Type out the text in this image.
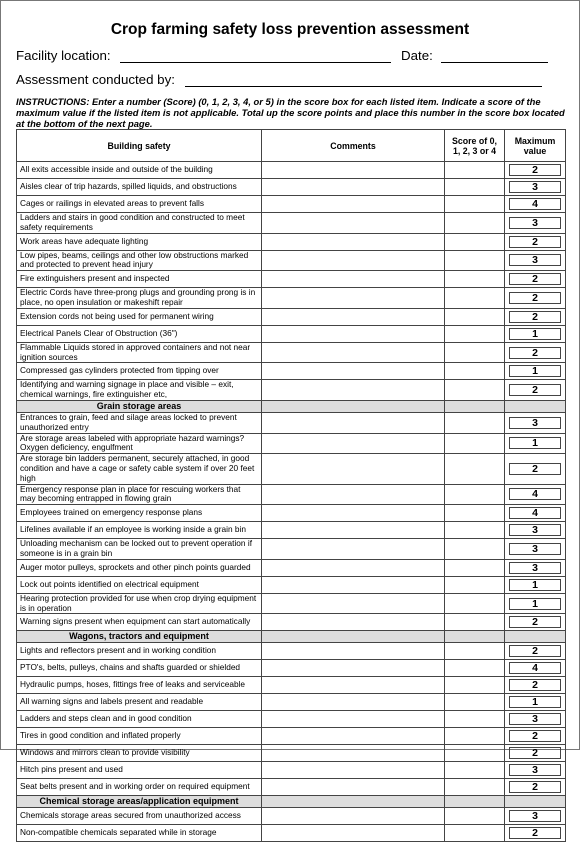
Crop farming safety loss prevention assessment
Facility location:	Date:
Assessment conducted by:
INSTRUCTIONS: Enter a number (Score) (0, 1, 2, 3, 4, or 5) in the score box for each listed item. Indicate a score of the maximum value if the listed item is not applicable. Total up the score points and place this number in the score box located at the bottom of the next page.
Building safety	Comments	Score of 0, 1, 2, 3 or 4	Maximum value
All exits accessible inside and outside of the building			2

Aisles clear of trip hazards, spilled liquids, and obstructions			3

Cages or railings in elevated areas to prevent falls			4

Ladders and stairs in good condition and constructed to meet safety requirements			3

Work areas have adequate lighting			2

Low pipes, beams, ceilings and other low obstructions marked and protected to prevent head injury			3

Fire extinguishers present and inspected			2

Electric Cords have three-prong plugs and grounding prong is in place, no open insulation or makeshift repair			2

Extension cords not being used for permanent wiring			2

Electrical Panels Clear of Obstruction (36")			1

Flammable Liquids stored in approved containers and not near ignition sources			2

Compressed gas cylinders protected from tipping over			1

Identifying and warning signage in place and visible – exit, chemical warnings, fire extinguisher etc,			2

Grain storage areas			
Entrances to grain, feed and silage areas locked to prevent unauthorized entry			3

Are storage areas labeled with appropriate hazard warnings? Oxygen deficiency, engulfment			1

Are storage bin ladders permanent, securely attached, in good condition and have a cage or safety cable system if over 20 feet high			2

Emergency response plan in place for rescuing workers that may becoming entrapped in flowing grain			4

Employees trained on emergency response plans			4

Lifelines available if an employee is working inside a grain bin			3

Unloading mechanism can be locked out to prevent operation if someone is in a grain bin			3

Auger motor pulleys, sprockets and other pinch points guarded			3

Lock out points identified on electrical equipment			1

Hearing protection provided for use when crop drying equipment is in operation			1

Warning signs present when equipment can start automatically			2

Wagons, tractors and equipment			
Lights and reflectors present and in working condition			2

PTO's, belts, pulleys, chains and shafts guarded or shielded			4

Hydraulic pumps, hoses, fittings free of leaks and serviceable			2

All warning signs and labels present and readable			1

Ladders and steps clean and in good condition			3

Tires in good condition and inflated properly			2

Windows and mirrors clean to provide visibility			2

Hitch pins present and used			3

Seat belts present and in working order on required equipment			2

Chemical storage areas/application equipment			
Chemicals storage areas secured from unauthorized access			3

Non-compatible chemicals separated while in storage			2
